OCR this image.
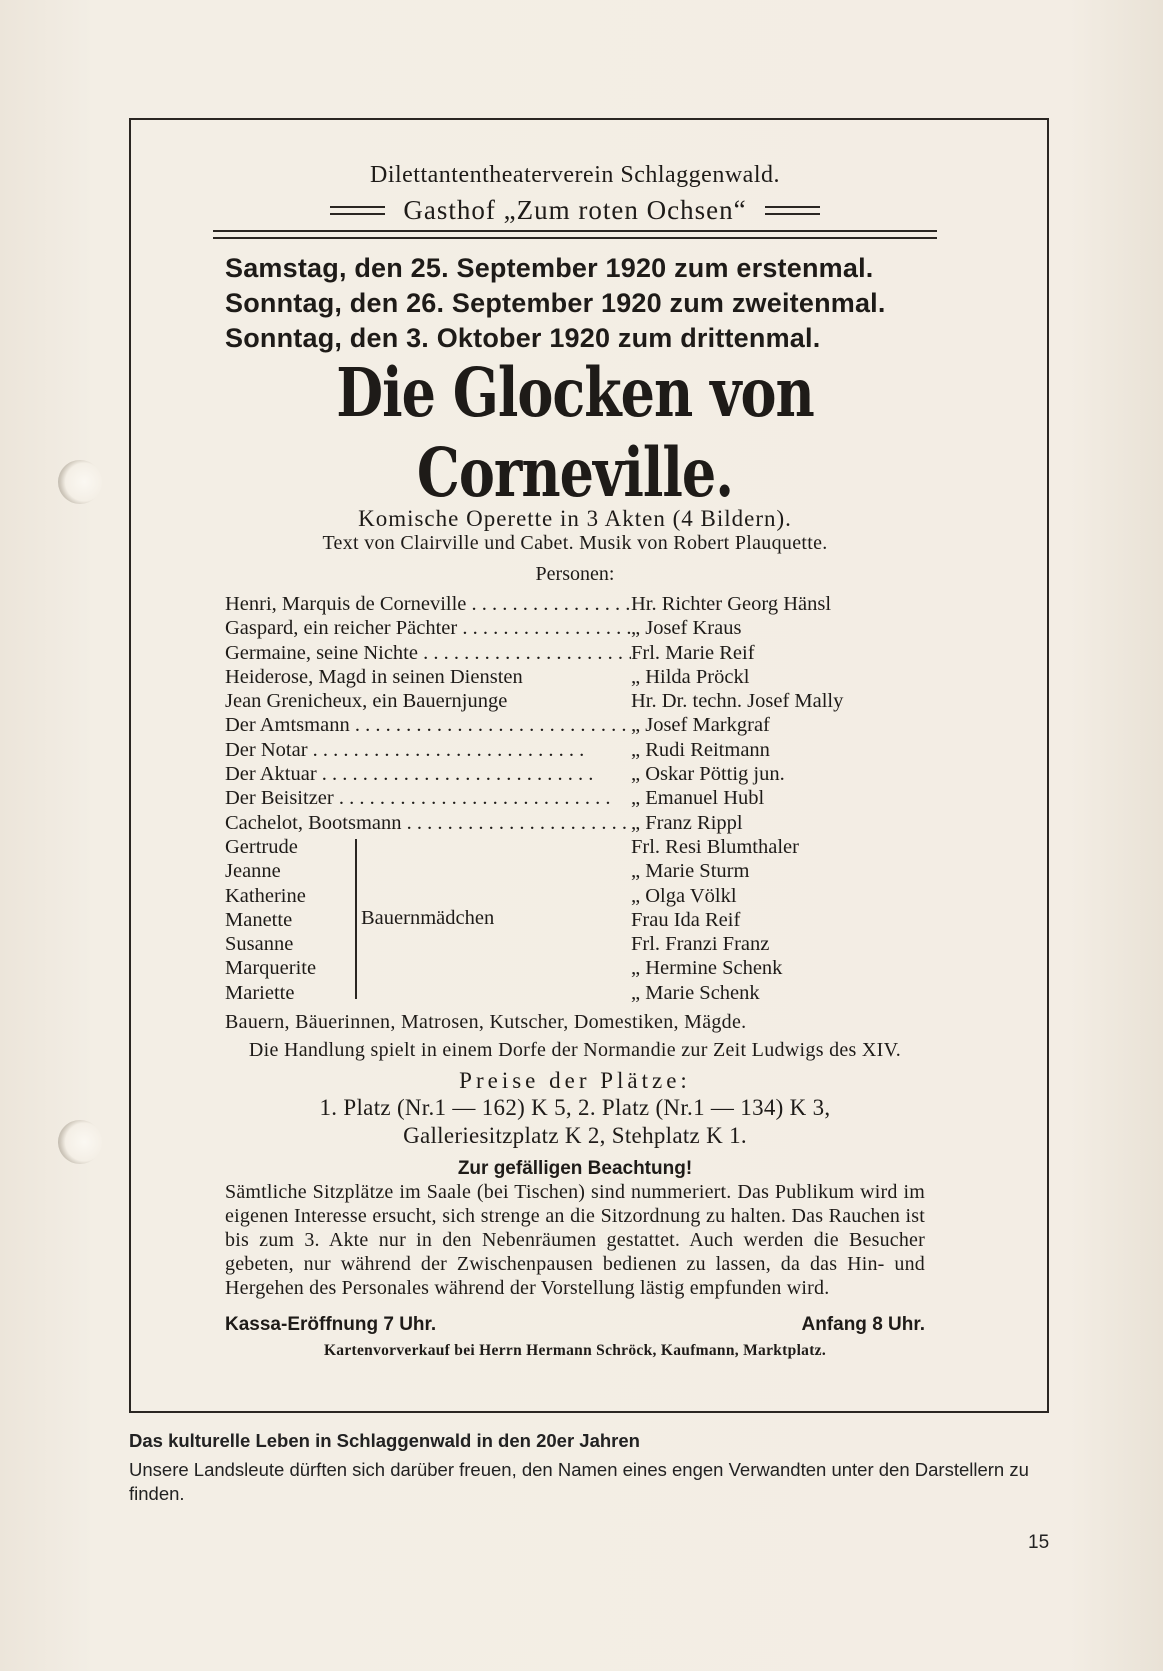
Dilettantentheaterverein Schlaggenwald.
Gasthof „Zum roten Ochsen“
Samstag, den 25. September 1920 zum erstenmal.
Sonntag, den 26. September 1920 zum zweitenmal.
Sonntag, den 3. Oktober 1920 zum drittenmal.
Die Glocken von Corneville.
Komische Operette in 3 Akten (4 Bildern).
Text von Clairville und Cabet. Musik von Robert Plauquette.
Personen:
Henri, Marquis de Corneville . . .	Hr. Richter Georg Hänsl
Gaspard, ein reicher Pächter . . .	„ Josef Kraus
Germaine, seine Nichte . . .	Frl. Marie Reif
Heiderose, Magd in seinen Diensten	„ Hilda Pröckl
Jean Grenicheux, ein Bauernjunge	Hr. Dr. techn. Josef Mally
Der Amtsmann . . .	„ Josef Markgraf
Der Notar . . .	„ Rudi Reitmann
Der Aktuar . . .	„ Oskar Pöttig jun.
Der Beisitzer . . .	„ Emanuel Hubl
Cachelot, Bootsmann . . .	„ Franz Rippl
Bauernmädchen
Gertrude	Frl. Resi Blumthaler
Jeanne	„ Marie Sturm
Katherine	„ Olga Völkl
Manette	Frau Ida Reif
Susanne	Frl. Franzi Franz
Marquerite	„ Hermine Schenk
Mariette	„ Marie Schenk
Bauern, Bäuerinnen, Matrosen, Kutscher, Domestiken, Mägde.
Die Handlung spielt in einem Dorfe der Normandie zur Zeit Ludwigs des XIV.
Preise der Plätze:
1. Platz (Nr.1 — 162) K 5, 2. Platz (Nr.1 — 134) K 3,
Galleriesitzplatz K 2, Stehplatz K 1.
Zur gefälligen Beachtung!
Sämtliche Sitzplätze im Saale (bei Tischen) sind nummeriert. Das Publikum wird im eigenen Interesse ersucht, sich strenge an die Sitzordnung zu halten. Das Rauchen ist bis zum 3. Akte nur in den Nebenräumen gestattet. Auch werden die Besucher gebeten, nur während der Zwischenpausen bedienen zu lassen, da das Hin- und Hergehen des Personales während der Vorstellung lästig empfunden wird.
Kassa-Eröffnung 7 Uhr.	Anfang 8 Uhr.
Kartenvorverkauf bei Herrn Hermann Schröck, Kaufmann, Marktplatz.
Das kulturelle Leben in Schlaggenwald in den 20er Jahren
Unsere Landsleute dürften sich darüber freuen, den Namen eines engen Verwandten unter den Darstellern zu finden.
15
